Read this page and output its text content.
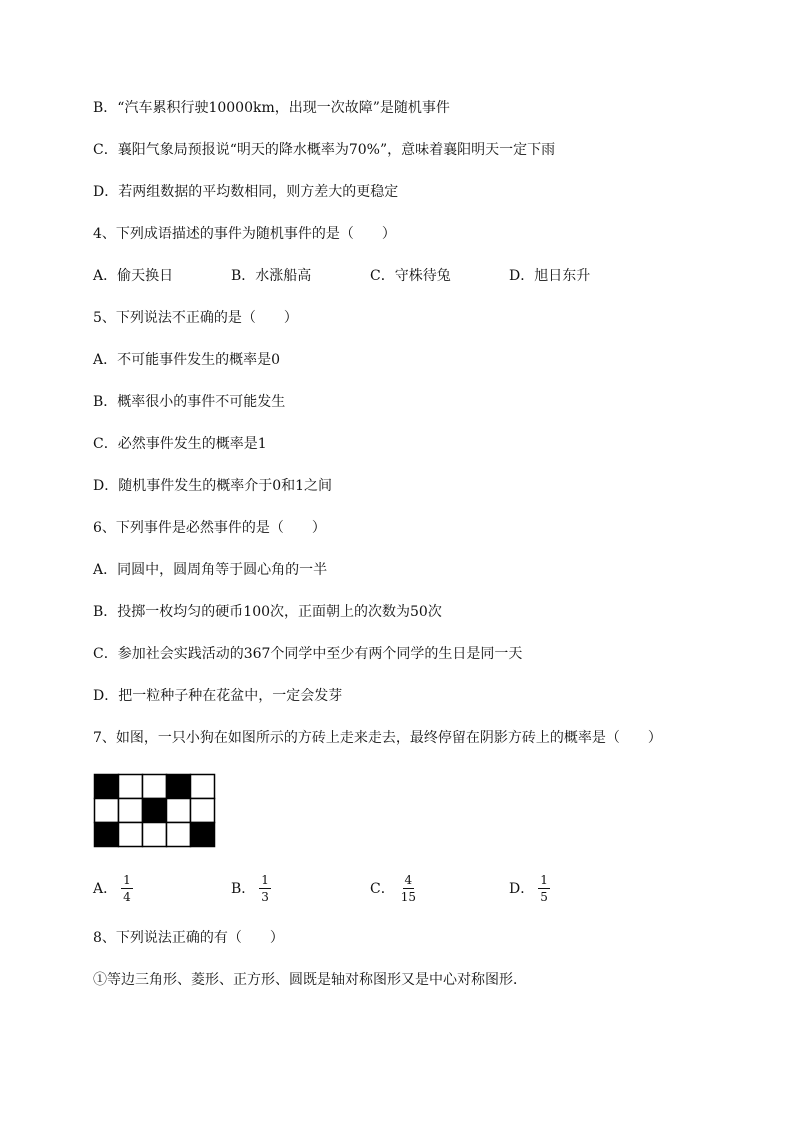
B．“汽车累积行驶10000km，出现一次故障”是随机事件
C．襄阳气象局预报说“明天的降水概率为70%”，意味着襄阳明天一定下雨
D．若两组数据的平均数相同，则方差大的更稳定
4、下列成语描述的事件为随机事件的是（　　）
A．偷天换日	B．水涨船高	C．守株待兔	D．旭日东升
5、下列说法不正确的是（　　）
A．不可能事件发生的概率是0
B．概率很小的事件不可能发生
C．必然事件发生的概率是1
D．随机事件发生的概率介于0和1之间
6、下列事件是必然事件的是（　　）
A．同圆中，圆周角等于圆心角的一半
B．投掷一枚均匀的硬币100次，正面朝上的次数为50次
C．参加社会实践活动的367个同学中至少有两个同学的生日是同一天
D．把一粒种子种在花盆中，一定会发芽
7、如图，一只小狗在如图所示的方砖上走来走去，最终停留在阴影方砖上的概率是（　　）
A． $\frac{1}{4}$	B． $\frac{1}{3}$	C． $\frac{4}{15}$	D． $\frac{1}{5}$
8、下列说法正确的有（　　）
①等边三角形、菱形、正方形、圆既是轴对称图形又是中心对称图形．
